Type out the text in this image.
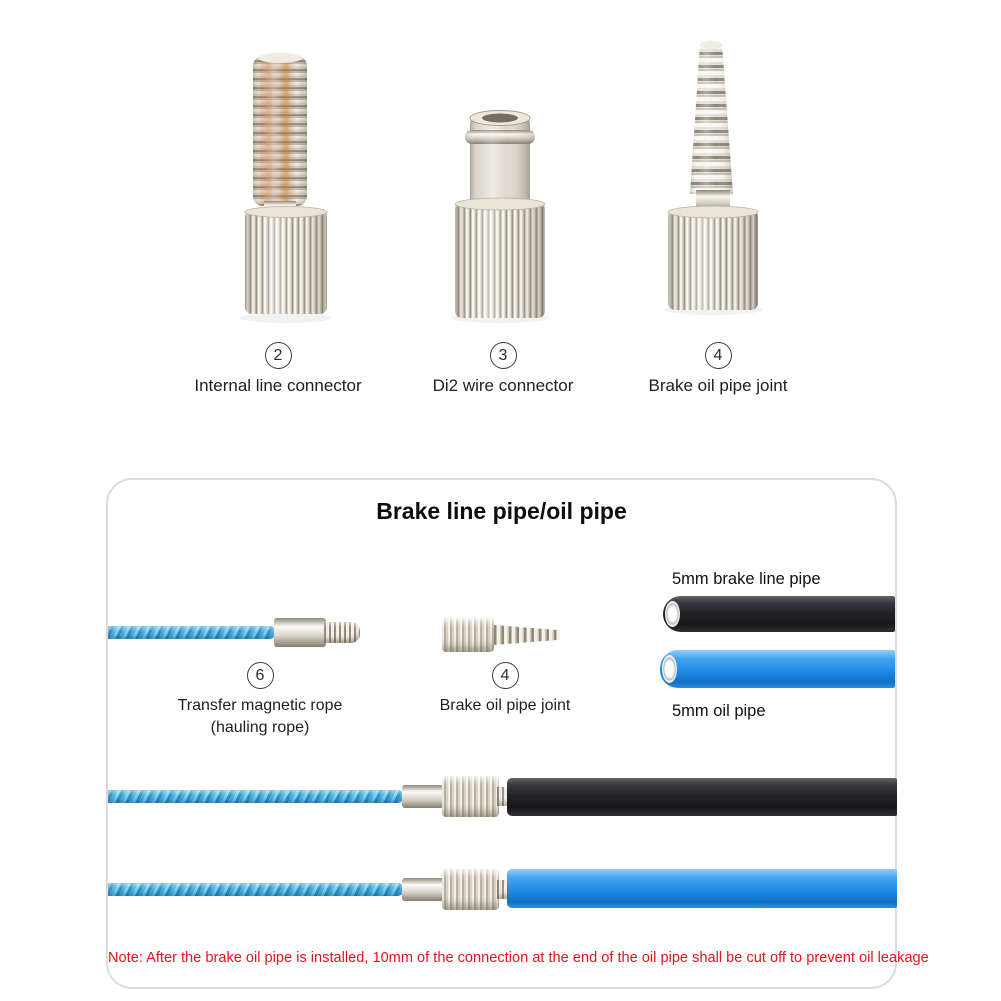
2
Internal line connector
3
Di2 wire connector
4
Brake oil pipe joint
Brake line pipe/oil pipe
5mm brake line pipe
5mm oil pipe
6
Transfer magnetic rope
(hauling rope)
4
Brake oil pipe joint
Note: After the brake oil pipe is installed, 10mm of the connection at the end of the oil pipe shall be cut off to prevent oil leakage
